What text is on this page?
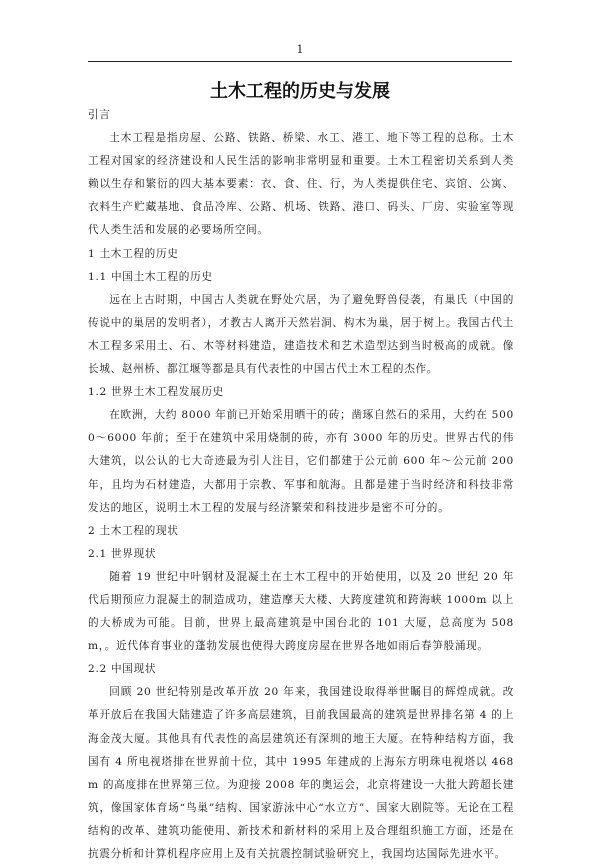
1
土木工程的历史与发展

引言

土木工程是指房屋、公路、铁路、桥梁、水工、港工、地下等工程的总称。土木工程对国家的经济建设和人民生活的影响非常明显和重要。土木工程密切关系到人类赖以生存和繁衍的四大基本要素：衣、食、住、行，为人类提供住宅、宾馆、公寓、衣料生产贮藏基地、食品冷库、公路、机场、铁路、港口、码头、厂房、实验室等现代人类生活和发展的必要场所空间。

1 土木工程的历史

1.1 中国土木工程的历史

远在上古时期，中国古人类就在野处穴居，为了避免野兽侵袭，有巢氏（中国的传说中的巢居的发明者），才教古人离开天然岩洞、构木为巢，居于树上。我国古代土木工程多采用土、石、木等材料建造，建造技术和艺术造型达到当时极高的成就。像长城、赵州桥、都江堰等都是具有代表性的中国古代土木工程的杰作。

1.2 世界土木工程发展历史

在欧洲，大约 8000 年前已开始采用晒干的砖；凿琢自然石的采用，大约在 5000～6000 年前；至于在建筑中采用烧制的砖，亦有 3000 年的历史。世界古代的伟大建筑，以公认的七大奇迹最为引人注目，它们都建于公元前 600 年～公元前 200 年，且均为石材建造，大都用于宗教、军事和航海。且都是建于当时经济和科技非常发达的地区，说明土木工程的发展与经济繁荣和科技进步是密不可分的。

2 土木工程的现状

2.1 世界现状

随着 19 世纪中叶钢材及混凝土在土木工程中的开始使用，以及 20 世纪 20 年代后期预应力混凝土的制造成功，建造摩天大楼、大跨度建筑和跨海峡 1000m 以上的大桥成为可能。目前，世界上最高建筑是中国台北的 101 大厦，总高度为 508m，。近代体育事业的蓬勃发展也使得大跨度房屋在世界各地如雨后春笋般涌现。

2.2 中国现状

回顾 20 世纪特别是改革开放 20 年来，我国建设取得举世瞩目的辉煌成就。改革开放后在我国大陆建造了许多高层建筑，目前我国最高的建筑是世界排名第 4 的上海金茂大厦。其他具有代表性的高层建筑还有深圳的地王大厦。在特种结构方面，我国有 4 所电视塔排在世界前十位，其中 1995 年建成的上海东方明珠电视塔以 468m 的高度排在世界第三位。为迎接 2008 年的奥运会，北京将建设一大批大跨超长建筑，像国家体育场“鸟巢”结构、国家游泳中心“水立方”、国家大剧院等。无论在工程结构的改革、建筑功能使用、新技术和新材料的采用上及合理组织施工方面，还是在抗震分析和计算机程序应用上及有关抗震控制试验研究上，我国均达国际先进水平。
